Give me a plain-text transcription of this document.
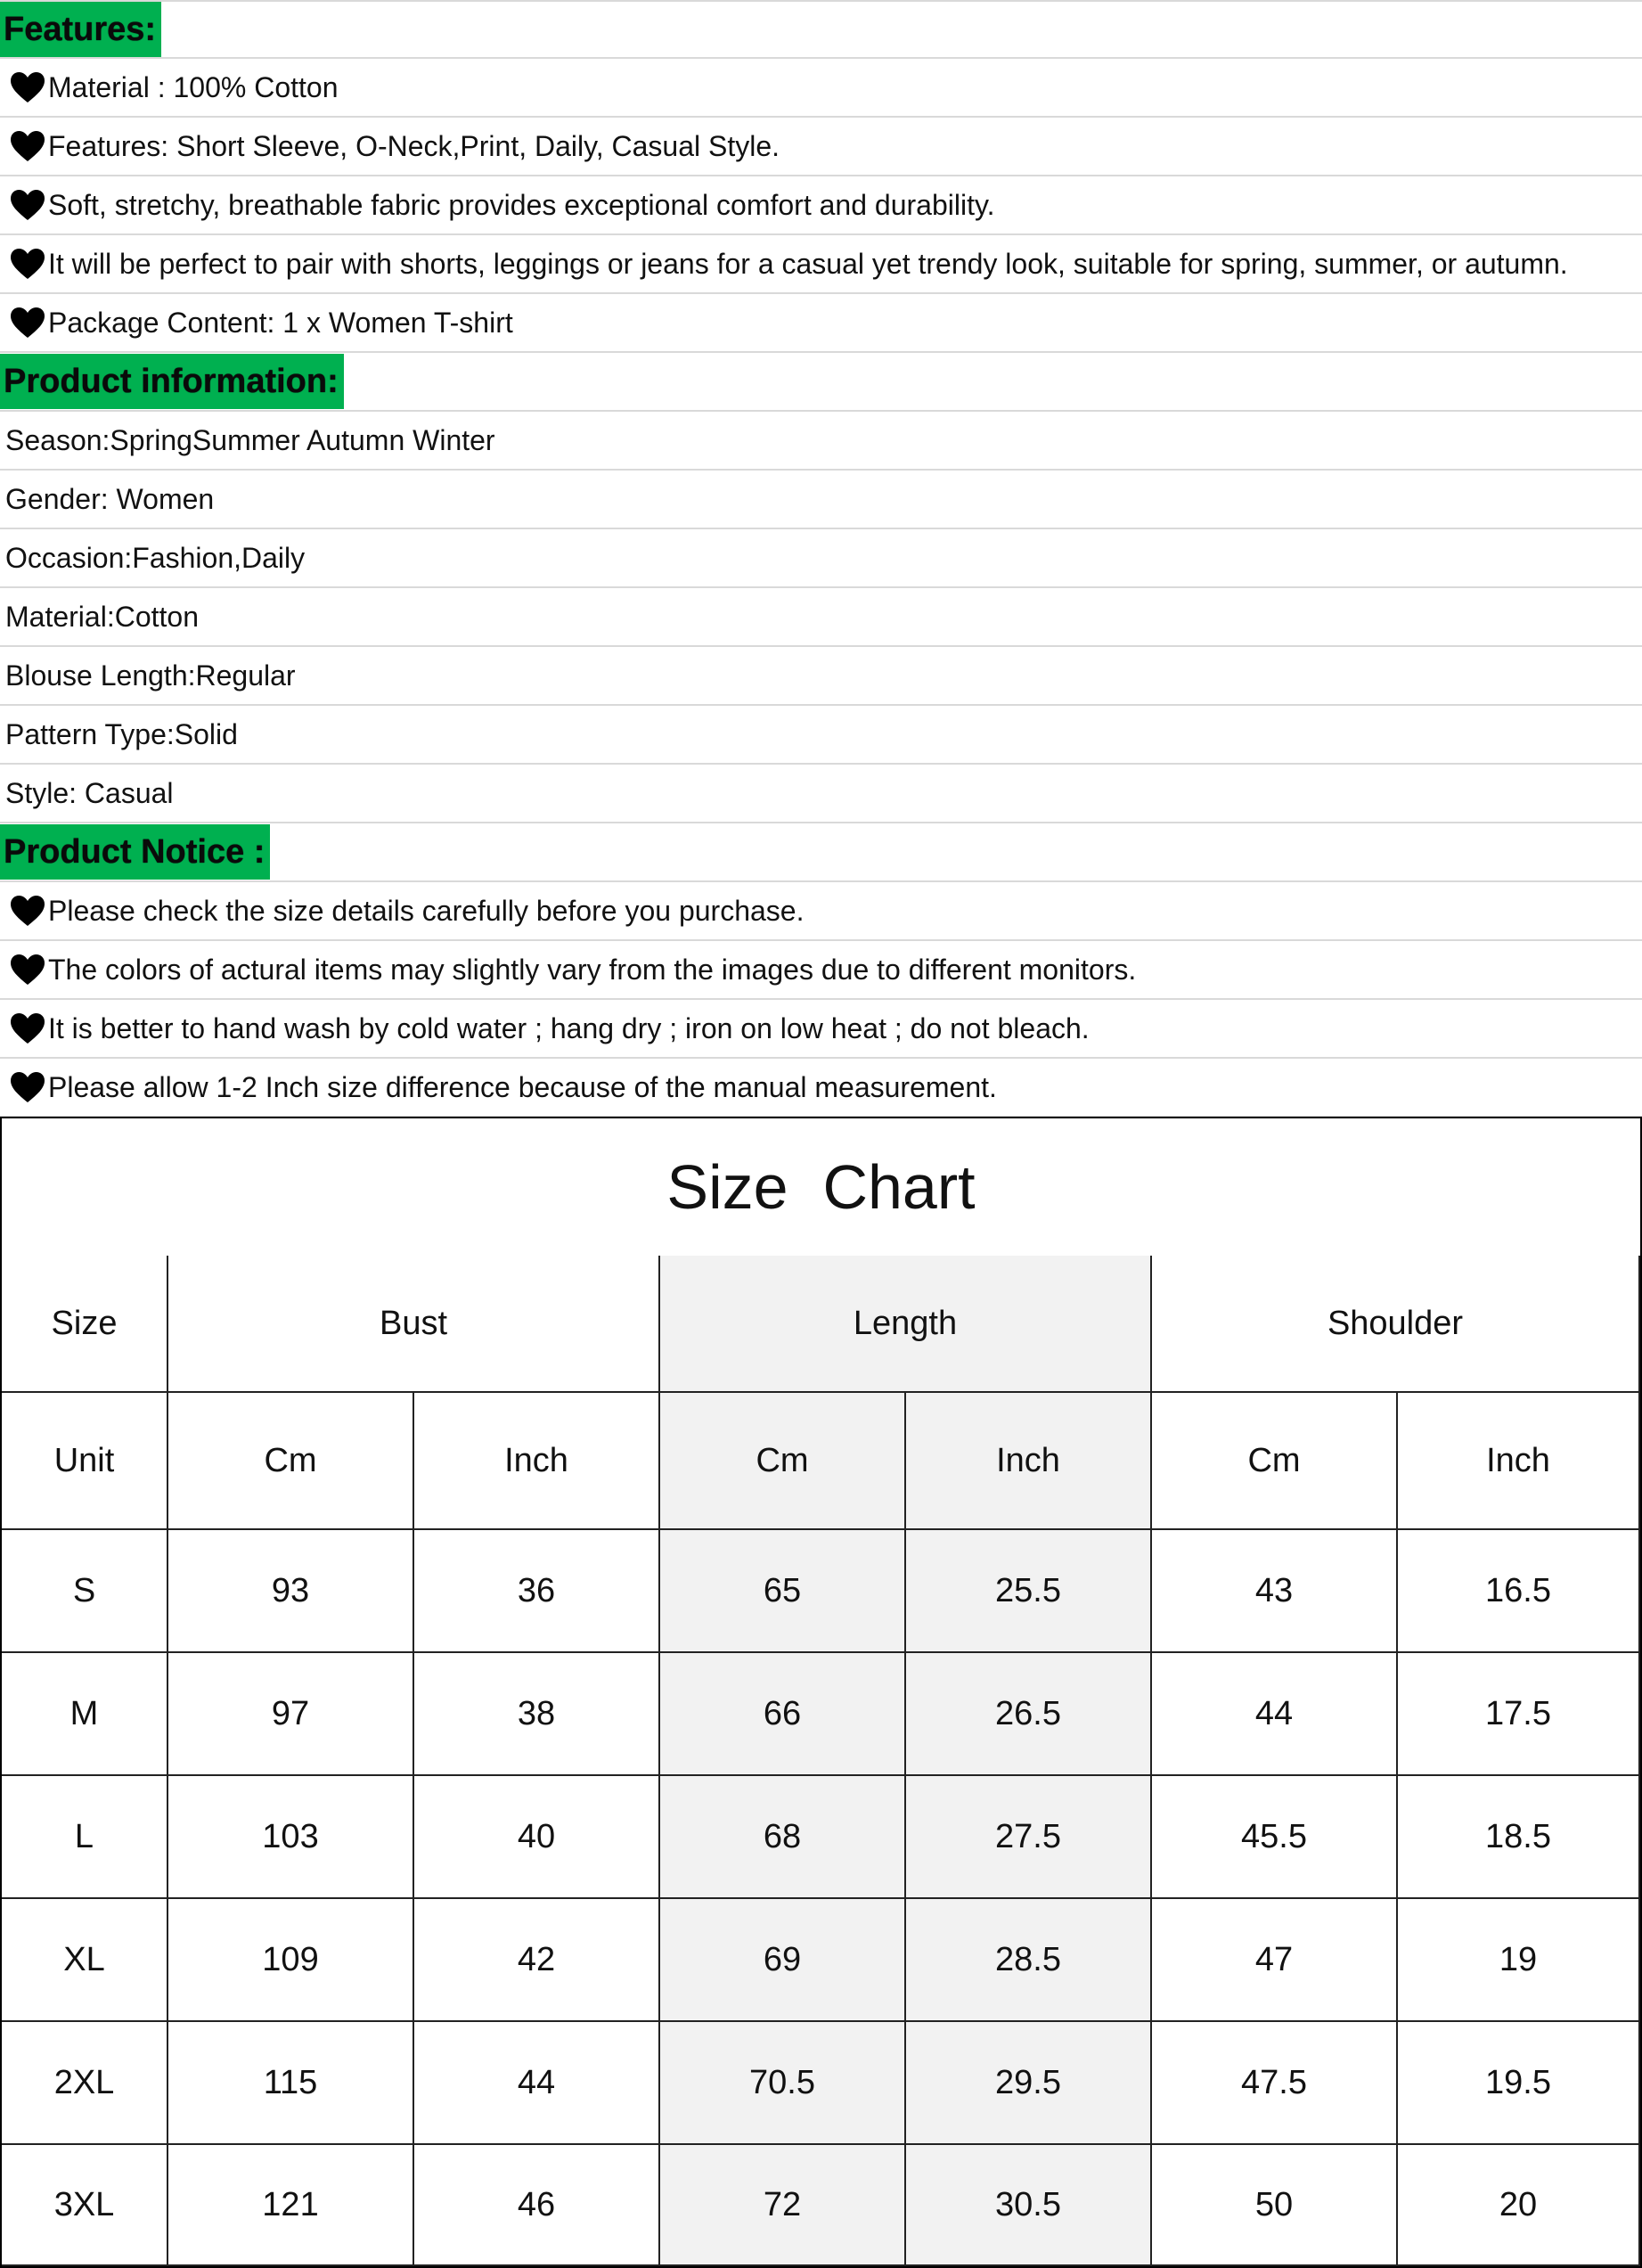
Features:
Material : 100% Cotton
Features: Short Sleeve, O-Neck,Print, Daily, Casual Style.
Soft, stretchy, breathable fabric provides exceptional comfort and durability.
It will be perfect to pair with shorts, leggings or jeans for a casual yet trendy look, suitable for spring, summer, or autumn.
Package Content: 1 x Women T-shirt
Product information:
Season:SpringSummer Autumn Winter
Gender: Women
Occasion:Fashion,Daily
Material:Cotton
Blouse Length:Regular
Pattern Type:Solid
Style: Casual
Product Notice :
Please check the size details carefully before you purchase.
The colors of actural items may slightly vary from the images due to different monitors.
It is better to hand wash by cold water ; hang dry ; iron on low heat ; do not bleach.
Please allow 1-2 Inch size difference because of the manual measurement.
Size  Chart
Size	Bust	Length	Shoulder
Unit	Cm	Inch	Cm	Inch	Cm	Inch
S	93	36	65	25.5	43	16.5
M	97	38	66	26.5	44	17.5
L	103	40	68	27.5	45.5	18.5
XL	109	42	69	28.5	47	19
2XL	115	44	70.5	29.5	47.5	19.5
3XL	121	46	72	30.5	50	20
